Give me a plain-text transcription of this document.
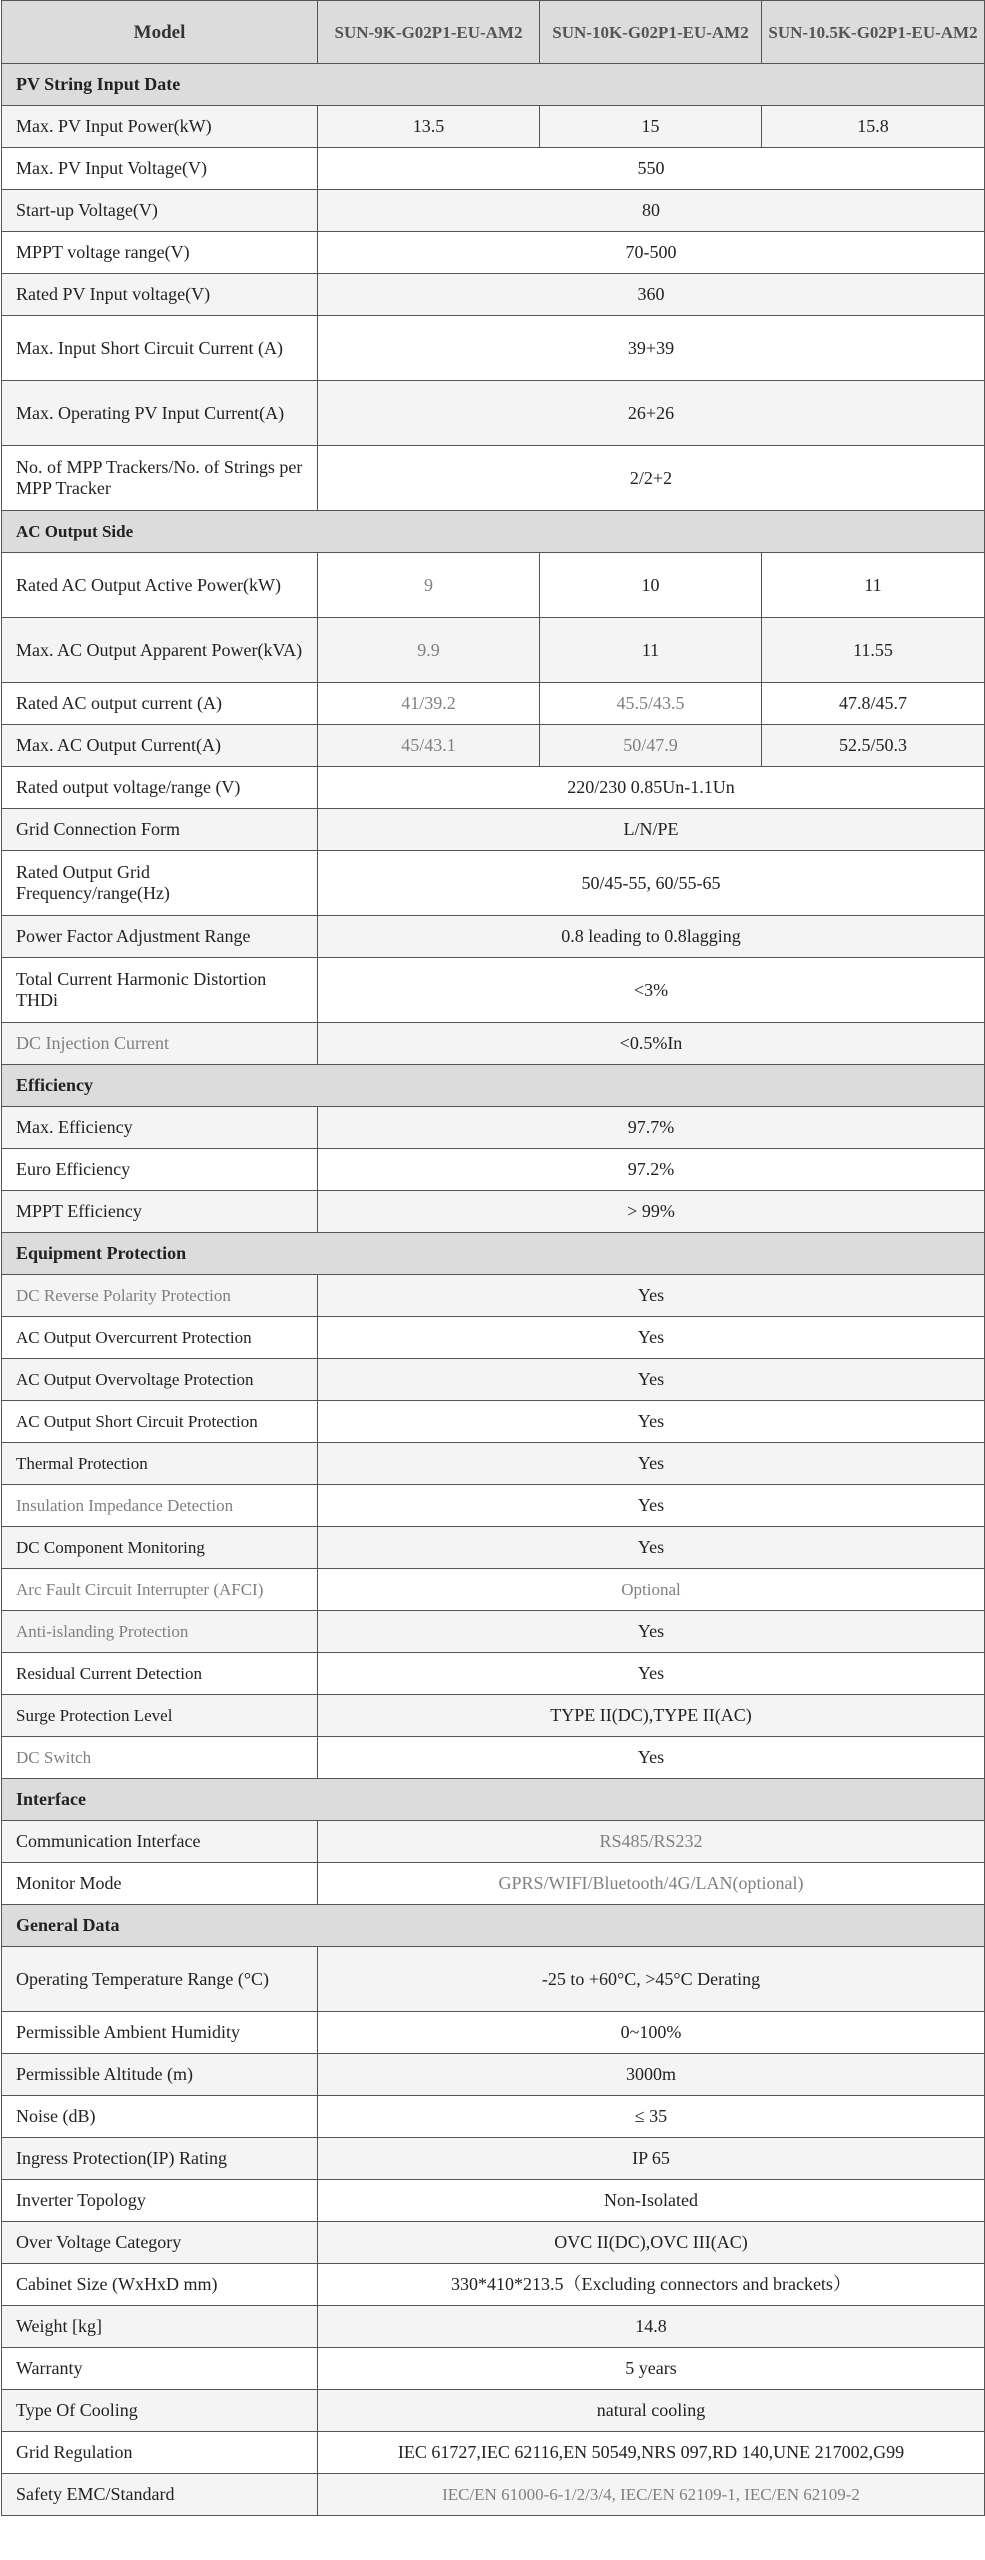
Model	SUN-9K-G02P1-EU-AM2	SUN-10K-G02P1-EU-AM2	SUN-10.5K-G02P1-EU-AM2
PV String Input Date			
Max. PV Input Power(kW)	13.5	15	15.8
Max. PV Input Voltage(V)	550		
Start-up Voltage(V)	80		
MPPT voltage range(V)	70-500		
Rated PV Input voltage(V)	360		
Max. Input Short Circuit Current (A)	39+39		
Max. Operating PV Input Current(A)	26+26		
No. of MPP Trackers/No. of Strings per MPP Tracker	2/2+2		
AC Output Side			
Rated AC Output Active Power(kW)	9	10	11
Max. AC Output Apparent Power(kVA)	9.9	11	11.55
Rated AC output current (A)	41/39.2	45.5/43.5	47.8/45.7
Max. AC Output Current(A)	45/43.1	50/47.9	52.5/50.3
Rated output voltage/range (V)	220/230 0.85Un-1.1Un		
Grid Connection Form	L/N/PE		
Rated Output Grid Frequency/range(Hz)	50/45-55, 60/55-65		
Power Factor Adjustment Range	0.8 leading to 0.8lagging		
Total Current Harmonic Distortion THDi	<3%		
DC Injection Current	<0.5%In		
Efficiency			
Max. Efficiency	97.7%		
Euro Efficiency	97.2%		
MPPT Efficiency	> 99%		
Equipment Protection			
DC Reverse Polarity Protection	Yes		
AC Output Overcurrent Protection	Yes		
AC Output Overvoltage Protection	Yes		
AC Output Short Circuit Protection	Yes		
Thermal Protection	Yes		
Insulation Impedance Detection	Yes		
DC Component Monitoring	Yes		
Arc Fault Circuit Interrupter (AFCI)	Optional		
Anti-islanding Protection	Yes		
Residual Current Detection	Yes		
Surge Protection Level	TYPE II(DC),TYPE II(AC)		
DC Switch	Yes		
Interface			
Communication Interface	RS485/RS232		
Monitor Mode	GPRS/WIFI/Bluetooth/4G/LAN(optional)		
General Data			
Operating Temperature Range (°C)	-25 to +60°C, >45°C Derating		
Permissible Ambient Humidity	0~100%		
Permissible Altitude (m)	3000m		
Noise (dB)	≤ 35		
Ingress Protection(IP) Rating	IP 65		
Inverter Topology	Non-Isolated		
Over Voltage Category	OVC II(DC),OVC III(AC)		
Cabinet Size (WxHxD mm)	330*410*213.5（Excluding connectors and brackets）		
Weight [kg]	14.8		
Warranty	5 years		
Type Of Cooling	natural cooling		
Grid Regulation	IEC 61727,IEC 62116,EN 50549,NRS 097,RD 140,UNE 217002,G99		
Safety EMC/Standard	IEC/EN 61000-6-1/2/3/4, IEC/EN 62109-1, IEC/EN 62109-2		
